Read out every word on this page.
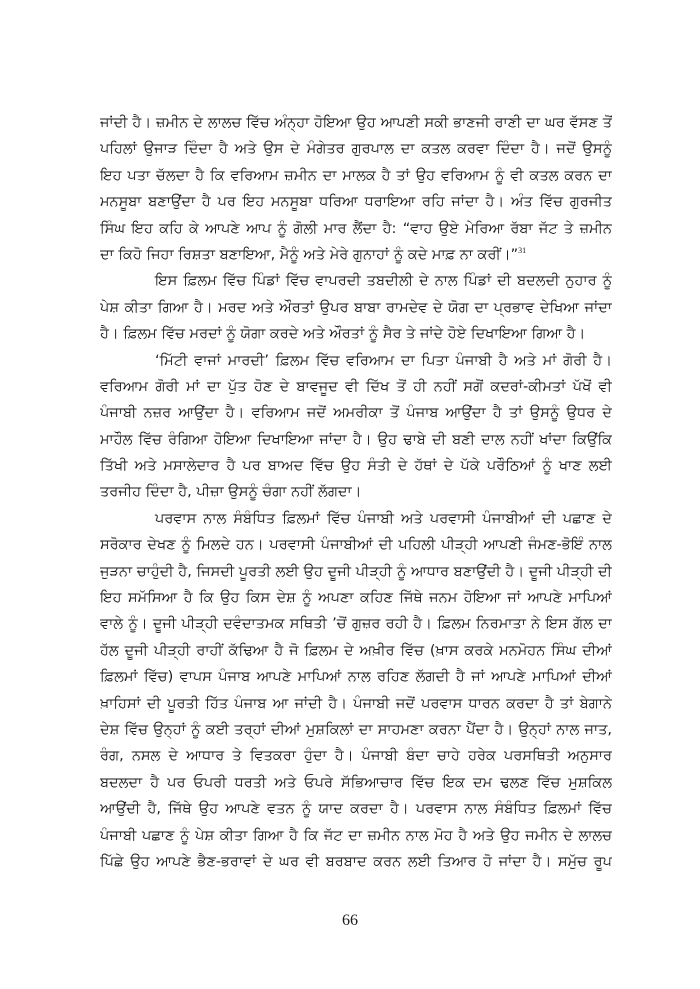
ਜਾਂਦੀ ਹੈ। ਜ਼ਮੀਨ ਦੇ ਲਾਲਚ ਵਿੱਚ ਅੰਨ੍ਹਾ ਹੋਇਆ ਉਹ ਆਪਣੀ ਸਕੀ ਭਾਣਜੀ ਰਾਣੀ ਦਾ ਘਰ ਵੱਸਣ ਤੋਂ
ਪਹਿਲਾਂ ਉਜਾੜ ਦਿੰਦਾ ਹੈ ਅਤੇ ਉਸ ਦੇ ਮੰਗੇਤਰ ਗੁਰਪਾਲ ਦਾ ਕਤਲ ਕਰਵਾ ਦਿੰਦਾ ਹੈ। ਜਦੋਂ ਉਸਨੂੰ
ਇਹ ਪਤਾ ਚੱਲਦਾ ਹੈ ਕਿ ਵਰਿਆਮ ਜ਼ਮੀਨ ਦਾ ਮਾਲਕ ਹੈ ਤਾਂ ਉਹ ਵਰਿਆਮ ਨੂੰ ਵੀ ਕਤਲ ਕਰਨ ਦਾ
ਮਨਸੂਬਾ ਬਣਾਉਂਦਾ ਹੈ ਪਰ ਇਹ ਮਨਸੂਬਾ ਧਰਿਆ ਧਰਾਇਆ ਰਹਿ ਜਾਂਦਾ ਹੈ। ਅੰਤ ਵਿੱਚ ਗੁਰਜੀਤ
ਸਿੰਘ ਇਹ ਕਹਿ ਕੇ ਆਪਣੇ ਆਪ ਨੂੰ ਗੋਲੀ ਮਾਰ ਲੈਂਦਾ ਹੈ: “ਵਾਹ ਉਏ ਮੇਰਿਆ ਰੱਬਾ ਜੱਟ ਤੇ ਜ਼ਮੀਨ
ਦਾ ਕਿਹੋ ਜਿਹਾ ਰਿਸ਼ਤਾ ਬਣਾਇਆ, ਮੈਨੂੰ ਅਤੇ ਮੇਰੇ ਗੁਨਾਹਾਂ ਨੂੰ ਕਦੇ ਮਾਫ਼ ਨਾ ਕਰੀਂ।”$^{31}$
ਇਸ ਫ਼ਿਲਮ ਵਿੱਚ ਪਿੰਡਾਂ ਵਿੱਚ ਵਾਪਰਦੀ ਤਬਦੀਲੀ ਦੇ ਨਾਲ ਪਿੰਡਾਂ ਦੀ ਬਦਲਦੀ ਨੁਹਾਰ ਨੂੰ
ਪੇਸ਼ ਕੀਤਾ ਗਿਆ ਹੈ। ਮਰਦ ਅਤੇ ਔਰਤਾਂ ਉਪਰ ਬਾਬਾ ਰਾਮਦੇਵ ਦੇ ਯੋਗ ਦਾ ਪ੍ਰਭਾਵ ਦੇਖਿਆ ਜਾਂਦਾ
ਹੈ। ਫ਼ਿਲਮ ਵਿੱਚ ਮਰਦਾਂ ਨੂੰ ਯੋਗਾ ਕਰਦੇ ਅਤੇ ਔਰਤਾਂ ਨੂੰ ਸੈਰ ਤੇ ਜਾਂਦੇ ਹੋਏ ਦਿਖਾਇਆ ਗਿਆ ਹੈ।
‘ਮਿੱਟੀ ਵਾਜਾਂ ਮਾਰਦੀ’ ਫ਼ਿਲਮ ਵਿੱਚ ਵਰਿਆਮ ਦਾ ਪਿਤਾ ਪੰਜਾਬੀ ਹੈ ਅਤੇ ਮਾਂ ਗੋਰੀ ਹੈ।
ਵਰਿਆਮ ਗੋਰੀ ਮਾਂ ਦਾ ਪੁੱਤ ਹੋਣ ਦੇ ਬਾਵਜੂਦ ਵੀ ਦਿੱਖ ਤੋਂ ਹੀ ਨਹੀਂ ਸਗੋਂ ਕਦਰਾਂ-ਕੀਮਤਾਂ ਪੱਖੋਂ ਵੀ
ਪੰਜਾਬੀ ਨਜ਼ਰ ਆਉਂਦਾ ਹੈ। ਵਰਿਆਮ ਜਦੋਂ ਅਮਰੀਕਾ ਤੋਂ ਪੰਜਾਬ ਆਉਂਦਾ ਹੈ ਤਾਂ ਉਸਨੂੰ ਉਧਰ ਦੇ
ਮਾਹੌਲ ਵਿੱਚ ਰੰਗਿਆ ਹੋਇਆ ਦਿਖਾਇਆ ਜਾਂਦਾ ਹੈ। ਉਹ ਢਾਬੇ ਦੀ ਬਣੀ ਦਾਲ ਨਹੀਂ ਖਾਂਦਾ ਕਿਉਂਕਿ
ਤਿੱਖੀ ਅਤੇ ਮਸਾਲੇਦਾਰ ਹੈ ਪਰ ਬਾਅਦ ਵਿੱਚ ਉਹ ਸੰਤੀ ਦੇ ਹੱਥਾਂ ਦੇ ਪੱਕੇ ਪਰੌਠਿਆਂ ਨੂੰ ਖਾਣ ਲਈ
ਤਰਜੀਹ ਦਿੰਦਾ ਹੈ, ਪੀਜ਼ਾ ਉਸਨੂੰ ਚੰਗਾ ਨਹੀਂ ਲੱਗਦਾ।
ਪਰਵਾਸ ਨਾਲ ਸੰਬੰਧਿਤ ਫ਼ਿਲਮਾਂ ਵਿੱਚ ਪੰਜਾਬੀ ਅਤੇ ਪਰਵਾਸੀ ਪੰਜਾਬੀਆਂ ਦੀ ਪਛਾਣ ਦੇ
ਸਰੋਕਾਰ ਦੇਖਣ ਨੂੰ ਮਿਲਦੇ ਹਨ। ਪਰਵਾਸੀ ਪੰਜਾਬੀਆਂ ਦੀ ਪਹਿਲੀ ਪੀੜ੍ਹੀ ਆਪਣੀ ਜੰਮਣ-ਭੋਇੰ ਨਾਲ
ਜੁੜਨਾ ਚਾਹੁੰਦੀ ਹੈ, ਜਿਸਦੀ ਪੂਰਤੀ ਲਈ ਉਹ ਦੂਜੀ ਪੀੜ੍ਹੀ ਨੂੰ ਆਧਾਰ ਬਣਾਉਂਦੀ ਹੈ। ਦੂਜੀ ਪੀੜ੍ਹੀ ਦੀ
ਇਹ ਸਮੱਸਿਆ ਹੈ ਕਿ ਉਹ ਕਿਸ ਦੇਸ਼ ਨੂੰ ਅਪਣਾ ਕਹਿਣ ਜਿੱਥੇ ਜਨਮ ਹੋਇਆ ਜਾਂ ਆਪਣੇ ਮਾਪਿਆਂ
ਵਾਲੇ ਨੂੰ। ਦੂਜੀ ਪੀੜ੍ਹੀ ਦਵੰਦਾਤਮਕ ਸਥਿਤੀ ’ਚੋਂ ਗੁਜ਼ਰ ਰਹੀ ਹੈ। ਫ਼ਿਲਮ ਨਿਰਮਾਤਾ ਨੇ ਇਸ ਗੱਲ ਦਾ
ਹੱਲ ਦੂਜੀ ਪੀੜ੍ਹੀ ਰਾਹੀਂ ਕੱਢਿਆ ਹੈ ਜੋ ਫ਼ਿਲਮ ਦੇ ਅਖ਼ੀਰ ਵਿੱਚ (ਖ਼ਾਸ ਕਰਕੇ ਮਨਮੋਹਨ ਸਿੰਘ ਦੀਆਂ
ਫ਼ਿਲਮਾਂ ਵਿੱਚ) ਵਾਪਸ ਪੰਜਾਬ ਆਪਣੇ ਮਾਪਿਆਂ ਨਾਲ ਰਹਿਣ ਲੱਗਦੀ ਹੈ ਜਾਂ ਆਪਣੇ ਮਾਪਿਆਂ ਦੀਆਂ
ਖ਼ਾਹਿਸਾਂ ਦੀ ਪੂਰਤੀ ਹਿੱਤ ਪੰਜਾਬ ਆ ਜਾਂਦੀ ਹੈ। ਪੰਜਾਬੀ ਜਦੋਂ ਪਰਵਾਸ ਧਾਰਨ ਕਰਦਾ ਹੈ ਤਾਂ ਬੇਗਾਨੇ
ਦੇਸ਼ ਵਿੱਚ ਉਨ੍ਹਾਂ ਨੂੰ ਕਈ ਤਰ੍ਹਾਂ ਦੀਆਂ ਮੁਸ਼ਕਿਲਾਂ ਦਾ ਸਾਹਮਣਾ ਕਰਨਾ ਪੈਂਦਾ ਹੈ। ਉਨ੍ਹਾਂ ਨਾਲ ਜਾਤ,
ਰੰਗ, ਨਸਲ ਦੇ ਆਧਾਰ ਤੇ ਵਿਤਕਰਾ ਹੁੰਦਾ ਹੈ। ਪੰਜਾਬੀ ਬੰਦਾ ਚਾਹੇ ਹਰੇਕ ਪਰਸਥਿਤੀ ਅਨੁਸਾਰ
ਬਦਲਦਾ ਹੈ ਪਰ ਓਪਰੀ ਧਰਤੀ ਅਤੇ ਓਪਰੇ ਸੱਭਿਆਚਾਰ ਵਿੱਚ ਇਕ ਦਮ ਢਲਣ ਵਿੱਚ ਮੁਸ਼ਕਿਲ
ਆਉਂਦੀ ਹੈ, ਜਿੱਥੇ ਉਹ ਆਪਣੇ ਵਤਨ ਨੂੰ ਯਾਦ ਕਰਦਾ ਹੈ। ਪਰਵਾਸ ਨਾਲ ਸੰਬੰਧਿਤ ਫ਼ਿਲਮਾਂ ਵਿੱਚ
ਪੰਜਾਬੀ ਪਛਾਣ ਨੂੰ ਪੇਸ਼ ਕੀਤਾ ਗਿਆ ਹੈ ਕਿ ਜੱਟ ਦਾ ਜ਼ਮੀਨ ਨਾਲ ਮੋਹ ਹੈ ਅਤੇ ਉਹ ਜਮੀਨ ਦੇ ਲਾਲਚ
ਪਿੱਛੇ ਉਹ ਆਪਣੇ ਭੈਣ-ਭਰਾਵਾਂ ਦੇ ਘਰ ਵੀ ਬਰਬਾਦ ਕਰਨ ਲਈ ਤਿਆਰ ਹੋ ਜਾਂਦਾ ਹੈ। ਸਮੁੱਚ ਰੂਪ
66
